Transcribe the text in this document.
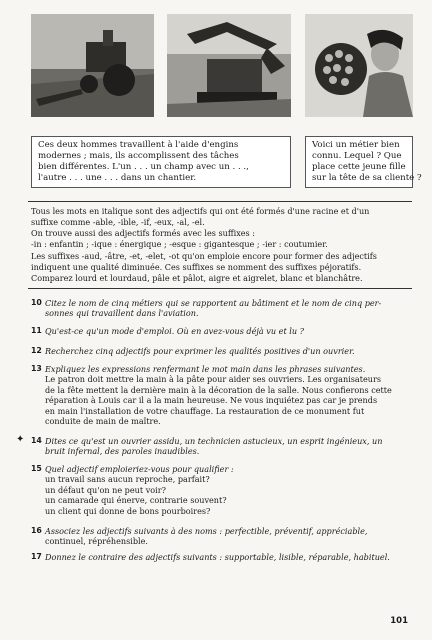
Ces deux hommes travaillent à l'aide d'engins
modernes ; mais, ils accomplissent des tâches
bien différentes. L'un . . . un champ avec un . . .,
l'autre . . . une . . . dans un chantier.
Voici un métier bien
connu. Lequel ? Que
place cette jeune fille
sur la tête de sa cliente ?
Tous les mots en italique sont des adjectifs qui ont été formés d'une racine et d'un
suffixe comme -able, -ible, -if, -eux, -al, -el.
On trouve aussi des adjectifs formés avec les suffixes :
-in : enfantin ; -ique : énergique ; -esque : gigantesque ; -ier : coutumier.
Les suffixes -aud, -âtre, -et, -elet, -ot qu'on emploie encore pour former des adjectifs
indiquent une qualité diminuée. Ces suffixes se nomment des suffixes péjoratifs.
Comparez lourd et lourdaud, pâle et pâlot, aigre et aigrelet, blanc et blanchâtre.
10 Citez le nom de cinq métiers qui se rapportent au bâtiment et le nom de cinq per-
sonnes qui travaillent dans l'aviation.
11 Qu'est-ce qu'un mode d'emploi. Où en avez-vous déjà vu et lu ?
12 Recherchez cinq adjectifs pour exprimer les qualités positives d'un ouvrier.
13 Expliquez les expressions renfermant le mot main dans les phrases suivantes.
Le patron doit mettre la main à la pâte pour aider ses ouvriers. Les organisateurs
de la fête mettent la dernière main à la décoration de la salle. Nous confierons cette
réparation à Louis car il a la main heureuse. Ne vous inquiétez pas car je prends
en main l'installation de votre chauffage. La restauration de ce monument fut
conduite de main de maître.
✦ 14 Dites ce qu'est un ouvrier assidu, un technicien astucieux, un esprit ingénieux, un
bruit infernal, des paroles inaudibles.
15 Quel adjectif emploieriez-vous pour qualifier :
un travail sans aucun reproche, parfait?
un défaut qu'on ne peut voir?
un camarade qui énerve, contrarie souvent?
un client qui donne de bons pourboires?
16 Associez les adjectifs suivants à des noms : perfectible, préventif, appréciable,
continuel, répréhensible.
17 Donnez le contraire des adjectifs suivants : supportable, lisible, réparable, habituel.
101
